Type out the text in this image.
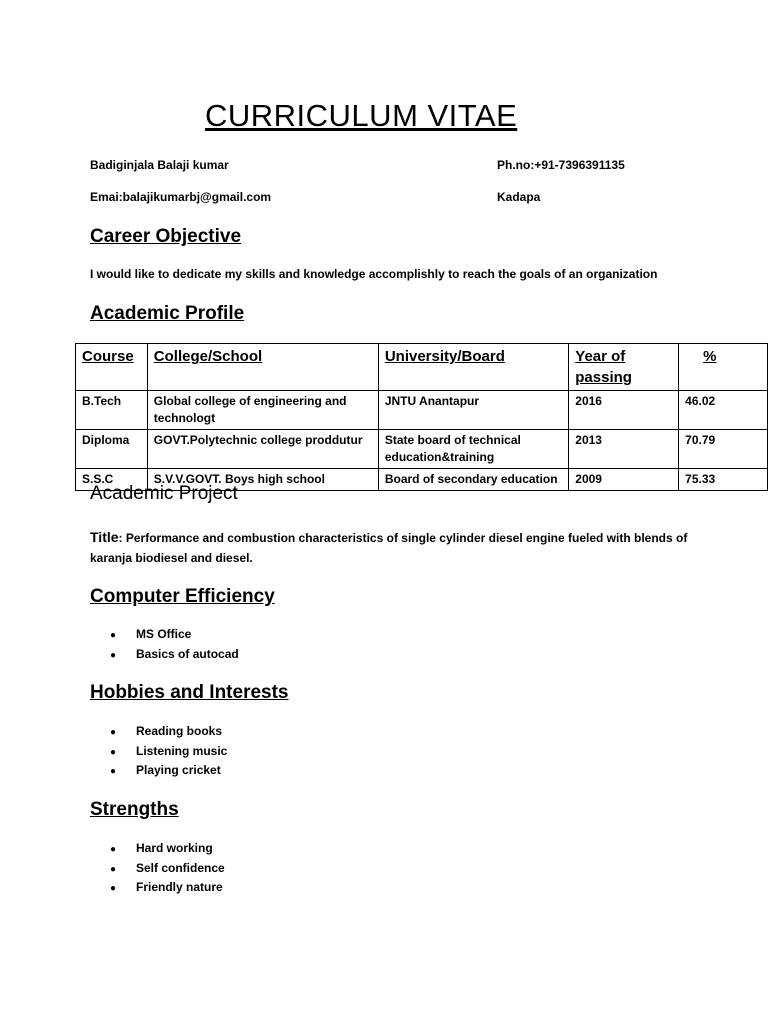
CURRICULUM VITAE
Badiginjala Balaji kumar	Ph.no:+91-7396391135
Emai:balajikumarbj@gmail.com	Kadapa
Career Objective
I would like to dedicate my skills and knowledge accomplishly to reach the goals of an organization
Academic Profile
Course	College/School	University/Board	Year of passing	%
B.Tech	Global college of engineering and technologt	JNTU Anantapur	2016	46.02
Diploma	GOVT.Polytechnic college proddutur	State board of technical education&training	2013	70.79
S.S.C	S.V.V.GOVT. Boys high school	Board of secondary education	2009	75.33
Academic Project
Title: Performance and combustion characteristics of single cylinder diesel engine fueled with blends of karanja biodiesel and diesel.
Computer Efficiency
● MS Office
● Basics of autocad
Hobbies and Interests
● Reading books
● Listening music
● Playing cricket
Strengths
● Hard working
● Self confidence
● Friendly nature
